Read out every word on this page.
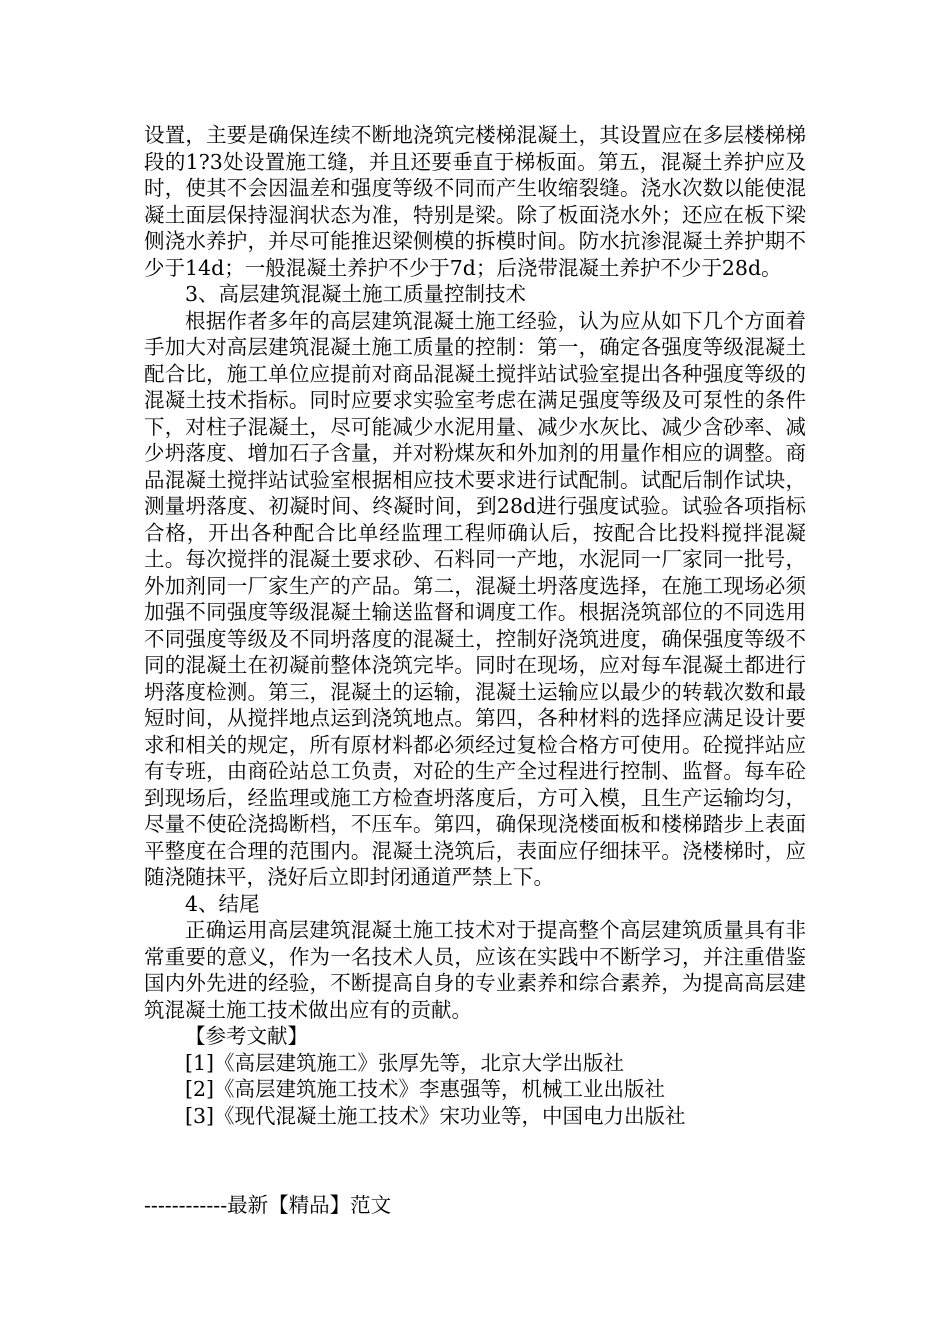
设置，主要是确保连续不断地浇筑完楼梯混凝土，其设置应在多层楼梯梯段的1?3处设置施工缝，并且还要垂直于梯板面。第五，混凝土养护应及时，使其不会因温差和强度等级不同而产生收缩裂缝。浇水次数以能使混凝土面层保持湿润状态为准，特别是梁。除了板面浇水外；还应在板下梁侧浇水养护，并尽可能推迟梁侧模的拆模时间。防水抗渗混凝土养护期不少于14d；一般混凝土养护不少于7d；后浇带混凝土养护不少于28d。

3、高层建筑混凝土施工质量控制技术

根据作者多年的高层建筑混凝土施工经验，认为应从如下几个方面着手加大对高层建筑混凝土施工质量的控制：第一，确定各强度等级混凝土配合比，施工单位应提前对商品混凝土搅拌站试验室提出各种强度等级的混凝土技术指标。同时应要求实验室考虑在满足强度等级及可泵性的条件下，对柱子混凝土，尽可能减少水泥用量、减少水灰比、减少含砂率、减少坍落度、增加石子含量，并对粉煤灰和外加剂的用量作相应的调整。商品混凝土搅拌站试验室根据相应技术要求进行试配制。试配后制作试块，测量坍落度、初凝时间、终凝时间，到28d进行强度试验。试验各项指标合格，开出各种配合比单经监理工程师确认后，按配合比投料搅拌混凝土。每次搅拌的混凝土要求砂、石料同一产地，水泥同一厂家同一批号，外加剂同一厂家生产的产品。第二，混凝土坍落度选择，在施工现场必须加强不同强度等级混凝土输送监督和调度工作。根据浇筑部位的不同选用不同强度等级及不同坍落度的混凝土，控制好浇筑进度，确保强度等级不同的混凝土在初凝前整体浇筑完毕。同时在现场，应对每车混凝土都进行坍落度检测。第三，混凝土的运输，混凝土运输应以最少的转载次数和最短时间，从搅拌地点运到浇筑地点。第四，各种材料的选择应满足设计要求和相关的规定，所有原材料都必须经过复检合格方可使用。砼搅拌站应有专班，由商砼站总工负责，对砼的生产全过程进行控制、监督。每车砼到现场后，经监理或施工方检查坍落度后，方可入模，且生产运输均匀，尽量不使砼浇捣断档，不压车。第四，确保现浇楼面板和楼梯踏步上表面平整度在合理的范围内。混凝土浇筑后，表面应仔细抹平。浇楼梯时，应随浇随抹平，浇好后立即封闭通道严禁上下。

4、结尾

正确运用高层建筑混凝土施工技术对于提高整个高层建筑质量具有非常重要的意义，作为一名技术人员，应该在实践中不断学习，并注重借鉴国内外先进的经验，不断提高自身的专业素养和综合素养，为提高高层建筑混凝土施工技术做出应有的贡献。

【参考文献】

[1]《高层建筑施工》张厚先等，北京大学出版社

[2]《高层建筑施工技术》李惠强等，机械工业出版社

[3]《现代混凝土施工技术》宋功业等，中国电力出版社

------------最新【精品】范文
